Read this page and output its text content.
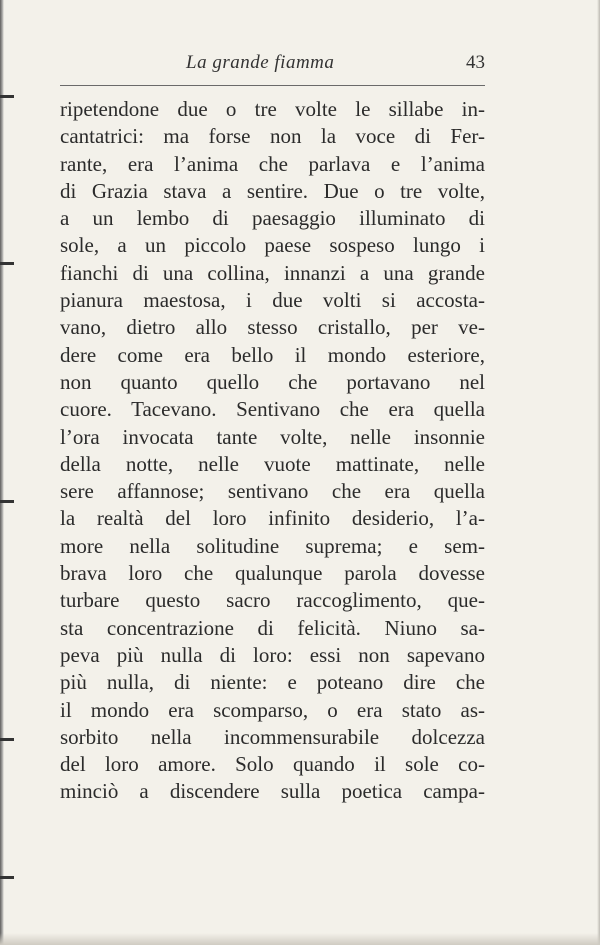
La grande fiamma	43
ripetendone due o tre volte le sillabe in-
cantatrici: ma forse non la voce di Fer-
rante, era l’anima che parlava e l’anima
di Grazia stava a sentire. Due o tre volte,
a un lembo di paesaggio illuminato di
sole, a un piccolo paese sospeso lungo i
fianchi di una collina, innanzi a una grande
pianura maestosa, i due volti si accosta-
vano, dietro allo stesso cristallo, per ve-
dere come era bello il mondo esteriore,
non quanto quello che portavano nel
cuore. Tacevano. Sentivano che era quella
l’ora invocata tante volte, nelle insonnie
della notte, nelle vuote mattinate, nelle
sere affannose; sentivano che era quella
la realtà del loro infinito desiderio, l’a-
more nella solitudine suprema; e sem-
brava loro che qualunque parola dovesse
turbare questo sacro raccoglimento, que-
sta concentrazione di felicità. Niuno sa-
peva più nulla di loro: essi non sapevano
più nulla, di niente: e poteano dire che
il mondo era scomparso, o era stato as-
sorbito nella incommensurabile dolcezza
del loro amore. Solo quando il sole co-
minciò a discendere sulla poetica campa-
